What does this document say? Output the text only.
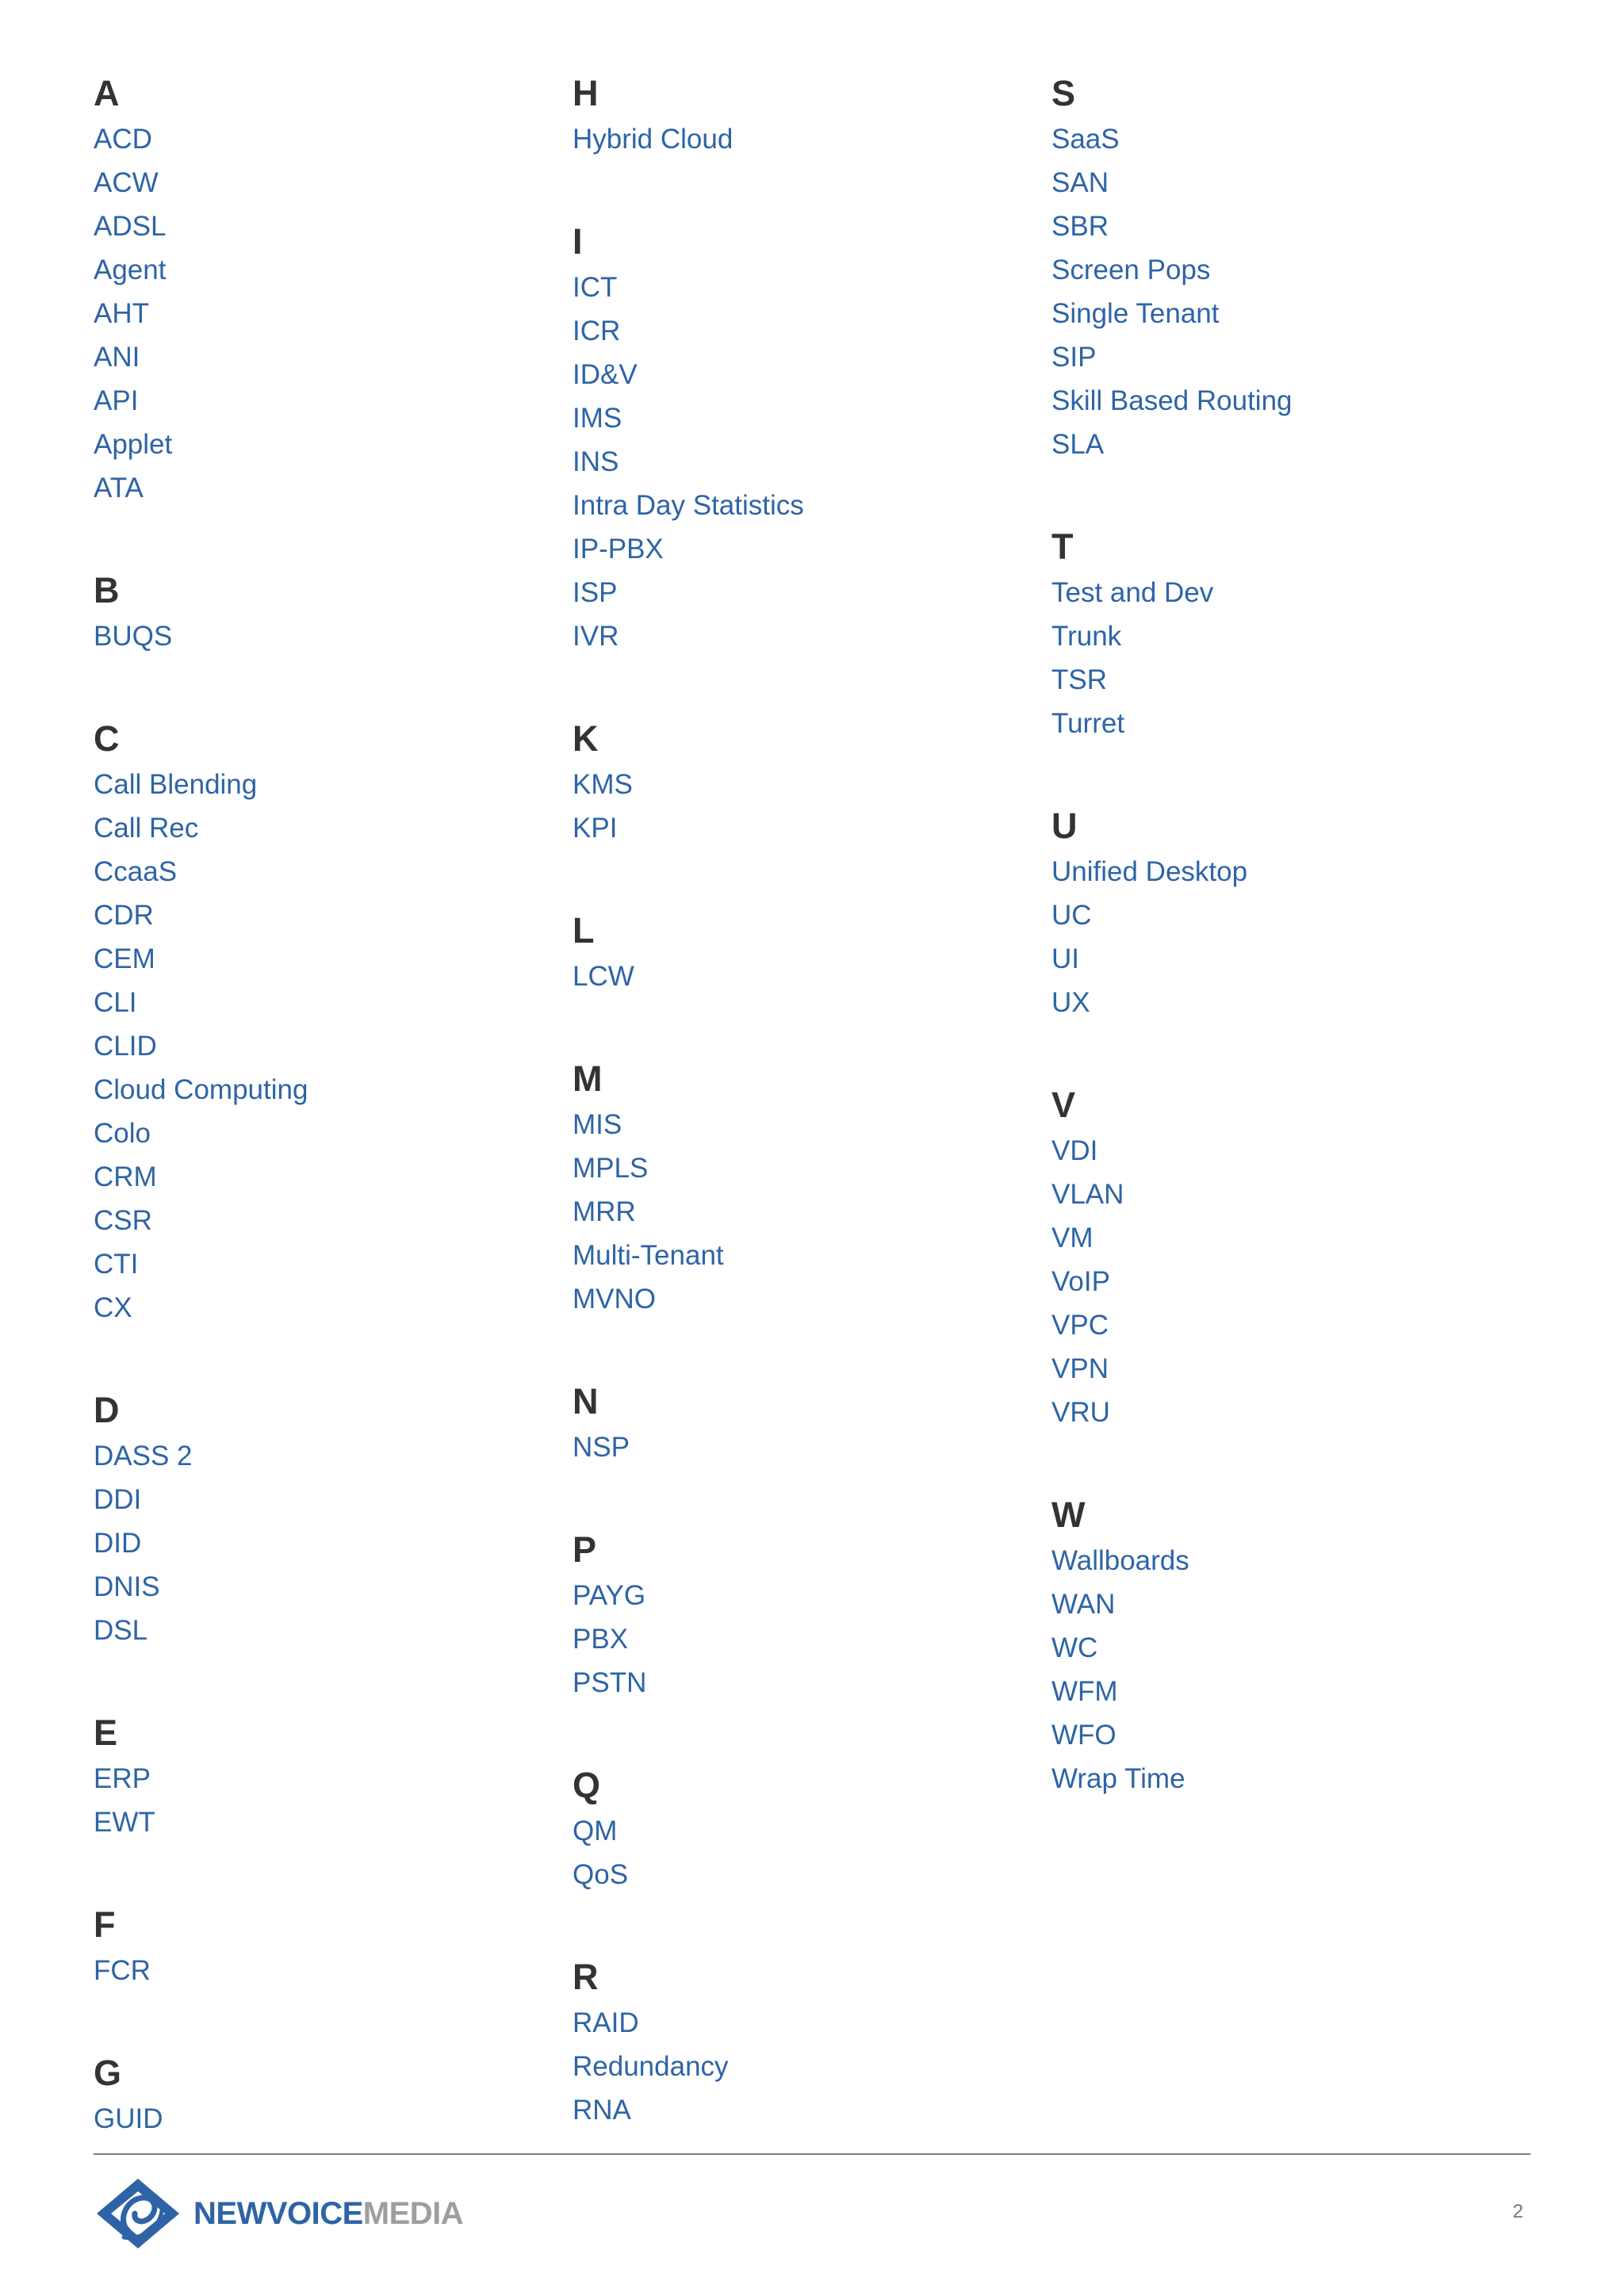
A
ACD
ACW
ADSL
Agent
AHT
ANI
API
Applet
ATA
B
BUQS
C
Call Blending
Call Rec
CcaaS
CDR
CEM
CLI
CLID
Cloud Computing
Colo
CRM
CSR
CTI
CX
D
DASS 2
DDI
DID
DNIS
DSL
E
ERP
EWT
F
FCR
G
GUID
H
Hybrid Cloud
I
ICT
ICR
ID&V
IMS
INS
Intra Day Statistics
IP-PBX
ISP
IVR
K
KMS
KPI
L
LCW
M
MIS
MPLS
MRR
Multi-Tenant
MVNO
N
NSP
P
PAYG
PBX
PSTN
Q
QM
QoS
R
RAID
Redundancy
RNA
S
SaaS
SAN
SBR
Screen Pops
Single Tenant
SIP
Skill Based Routing
SLA
T
Test and Dev
Trunk
TSR
Turret
U
Unified Desktop
UC
UI
UX
V
VDI
VLAN
VM
VoIP
VPC
VPN
VRU
W
Wallboards
WAN
WC
WFM
WFO
Wrap Time
NEWVOICEMEDIA	2
